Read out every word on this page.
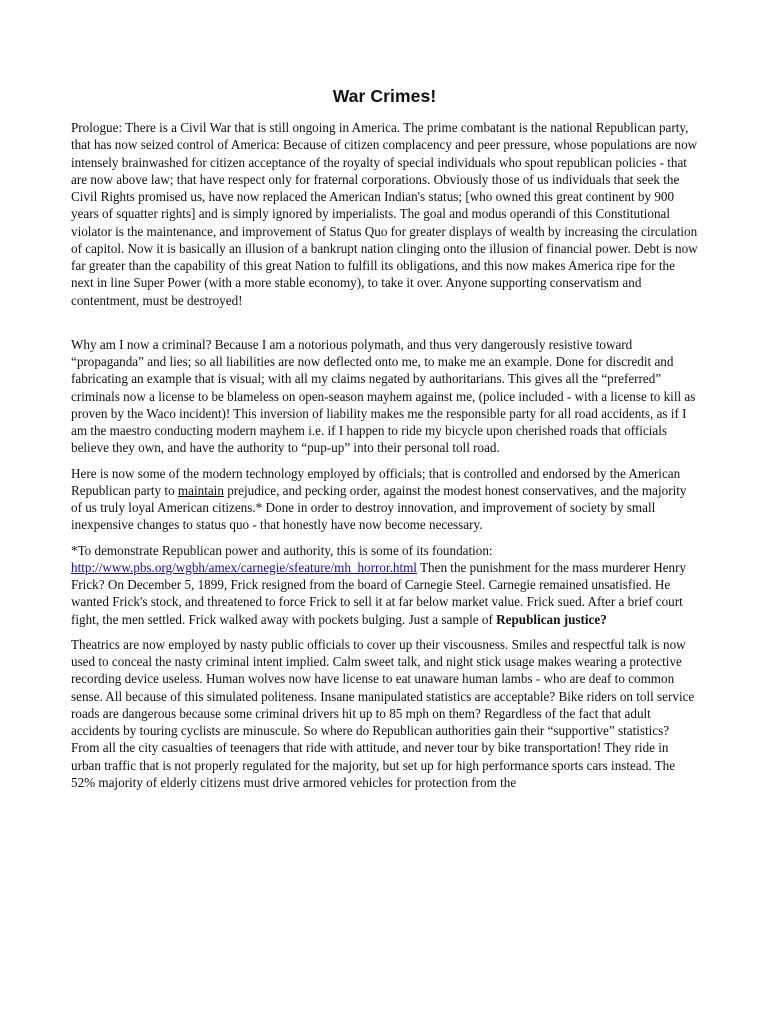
War Crimes!

Prologue: There is a Civil War that is still ongoing in America. The prime combatant is the national Republican party, that has now seized control of America: Because of citizen complacency and peer pressure, whose populations are now intensely brainwashed for citizen acceptance of the royalty of special individuals who spout republican policies - that are now above law; that have respect only for fraternal corporations. Obviously those of us individuals that seek the Civil Rights promised us, have now replaced the American Indian's status; [who owned this great continent by 900 years of squatter rights] and is simply ignored by imperialists. The goal and modus operandi of this Constitutional violator is the maintenance, and improvement of Status Quo for greater displays of wealth by increasing the circulation of capitol. Now it is basically an illusion of a bankrupt nation clinging onto the illusion of financial power. Debt is now far greater than the capability of this great Nation to fulfill its obligations, and this now makes America ripe for the next in line Super Power (with a more stable economy), to take it over. Anyone supporting conservatism and contentment, must be destroyed!

Why am I now a criminal? Because I am a notorious polymath, and thus very dangerously resistive toward “propaganda” and lies; so all liabilities are now deflected onto me, to make me an example. Done for discredit and fabricating an example that is visual; with all my claims negated by authoritarians. This gives all the “preferred” criminals now a license to be blameless on open-season mayhem against me, (police included - with a license to kill as proven by the Waco incident)! This inversion of liability makes me the responsible party for all road accidents, as if I am the maestro conducting modern mayhem i.e. if I happen to ride my bicycle upon cherished roads that officials believe they own, and have the authority to “pup-up” into their personal toll road.

Here is now some of the modern technology employed by officials; that is controlled and endorsed by the American Republican party to maintain prejudice, and pecking order, against the modest honest conservatives, and the majority of us truly loyal American citizens.* Done in order to destroy innovation, and improvement of society by small inexpensive changes to status quo - that honestly have now become necessary.

*To demonstrate Republican power and authority, this is some of its foundation: http://www.pbs.org/wgbh/amex/carnegie/sfeature/mh_horror.html Then the punishment for the mass murderer Henry Frick? On December 5, 1899, Frick resigned from the board of Carnegie Steel. Carnegie remained unsatisfied. He wanted Frick's stock, and threatened to force Frick to sell it at far below market value. Frick sued. After a brief court fight, the men settled. Frick walked away with pockets bulging. Just a sample of Republican justice?

Theatrics are now employed by nasty public officials to cover up their viscousness. Smiles and respectful talk is now used to conceal the nasty criminal intent implied. Calm sweet talk, and night stick usage makes wearing a protective recording device useless. Human wolves now have license to eat unaware human lambs - who are deaf to common sense. All because of this simulated politeness. Insane manipulated statistics are acceptable? Bike riders on toll service roads are dangerous because some criminal drivers hit up to 85 mph on them? Regardless of the fact that adult accidents by touring cyclists are minuscule. So where do Republican authorities gain their “supportive” statistics? From all the city casualties of teenagers that ride with attitude, and never tour by bike transportation! They ride in urban traffic that is not properly regulated for the majority, but set up for high performance sports cars instead. The 52% majority of elderly citizens must drive armored vehicles for protection from the
